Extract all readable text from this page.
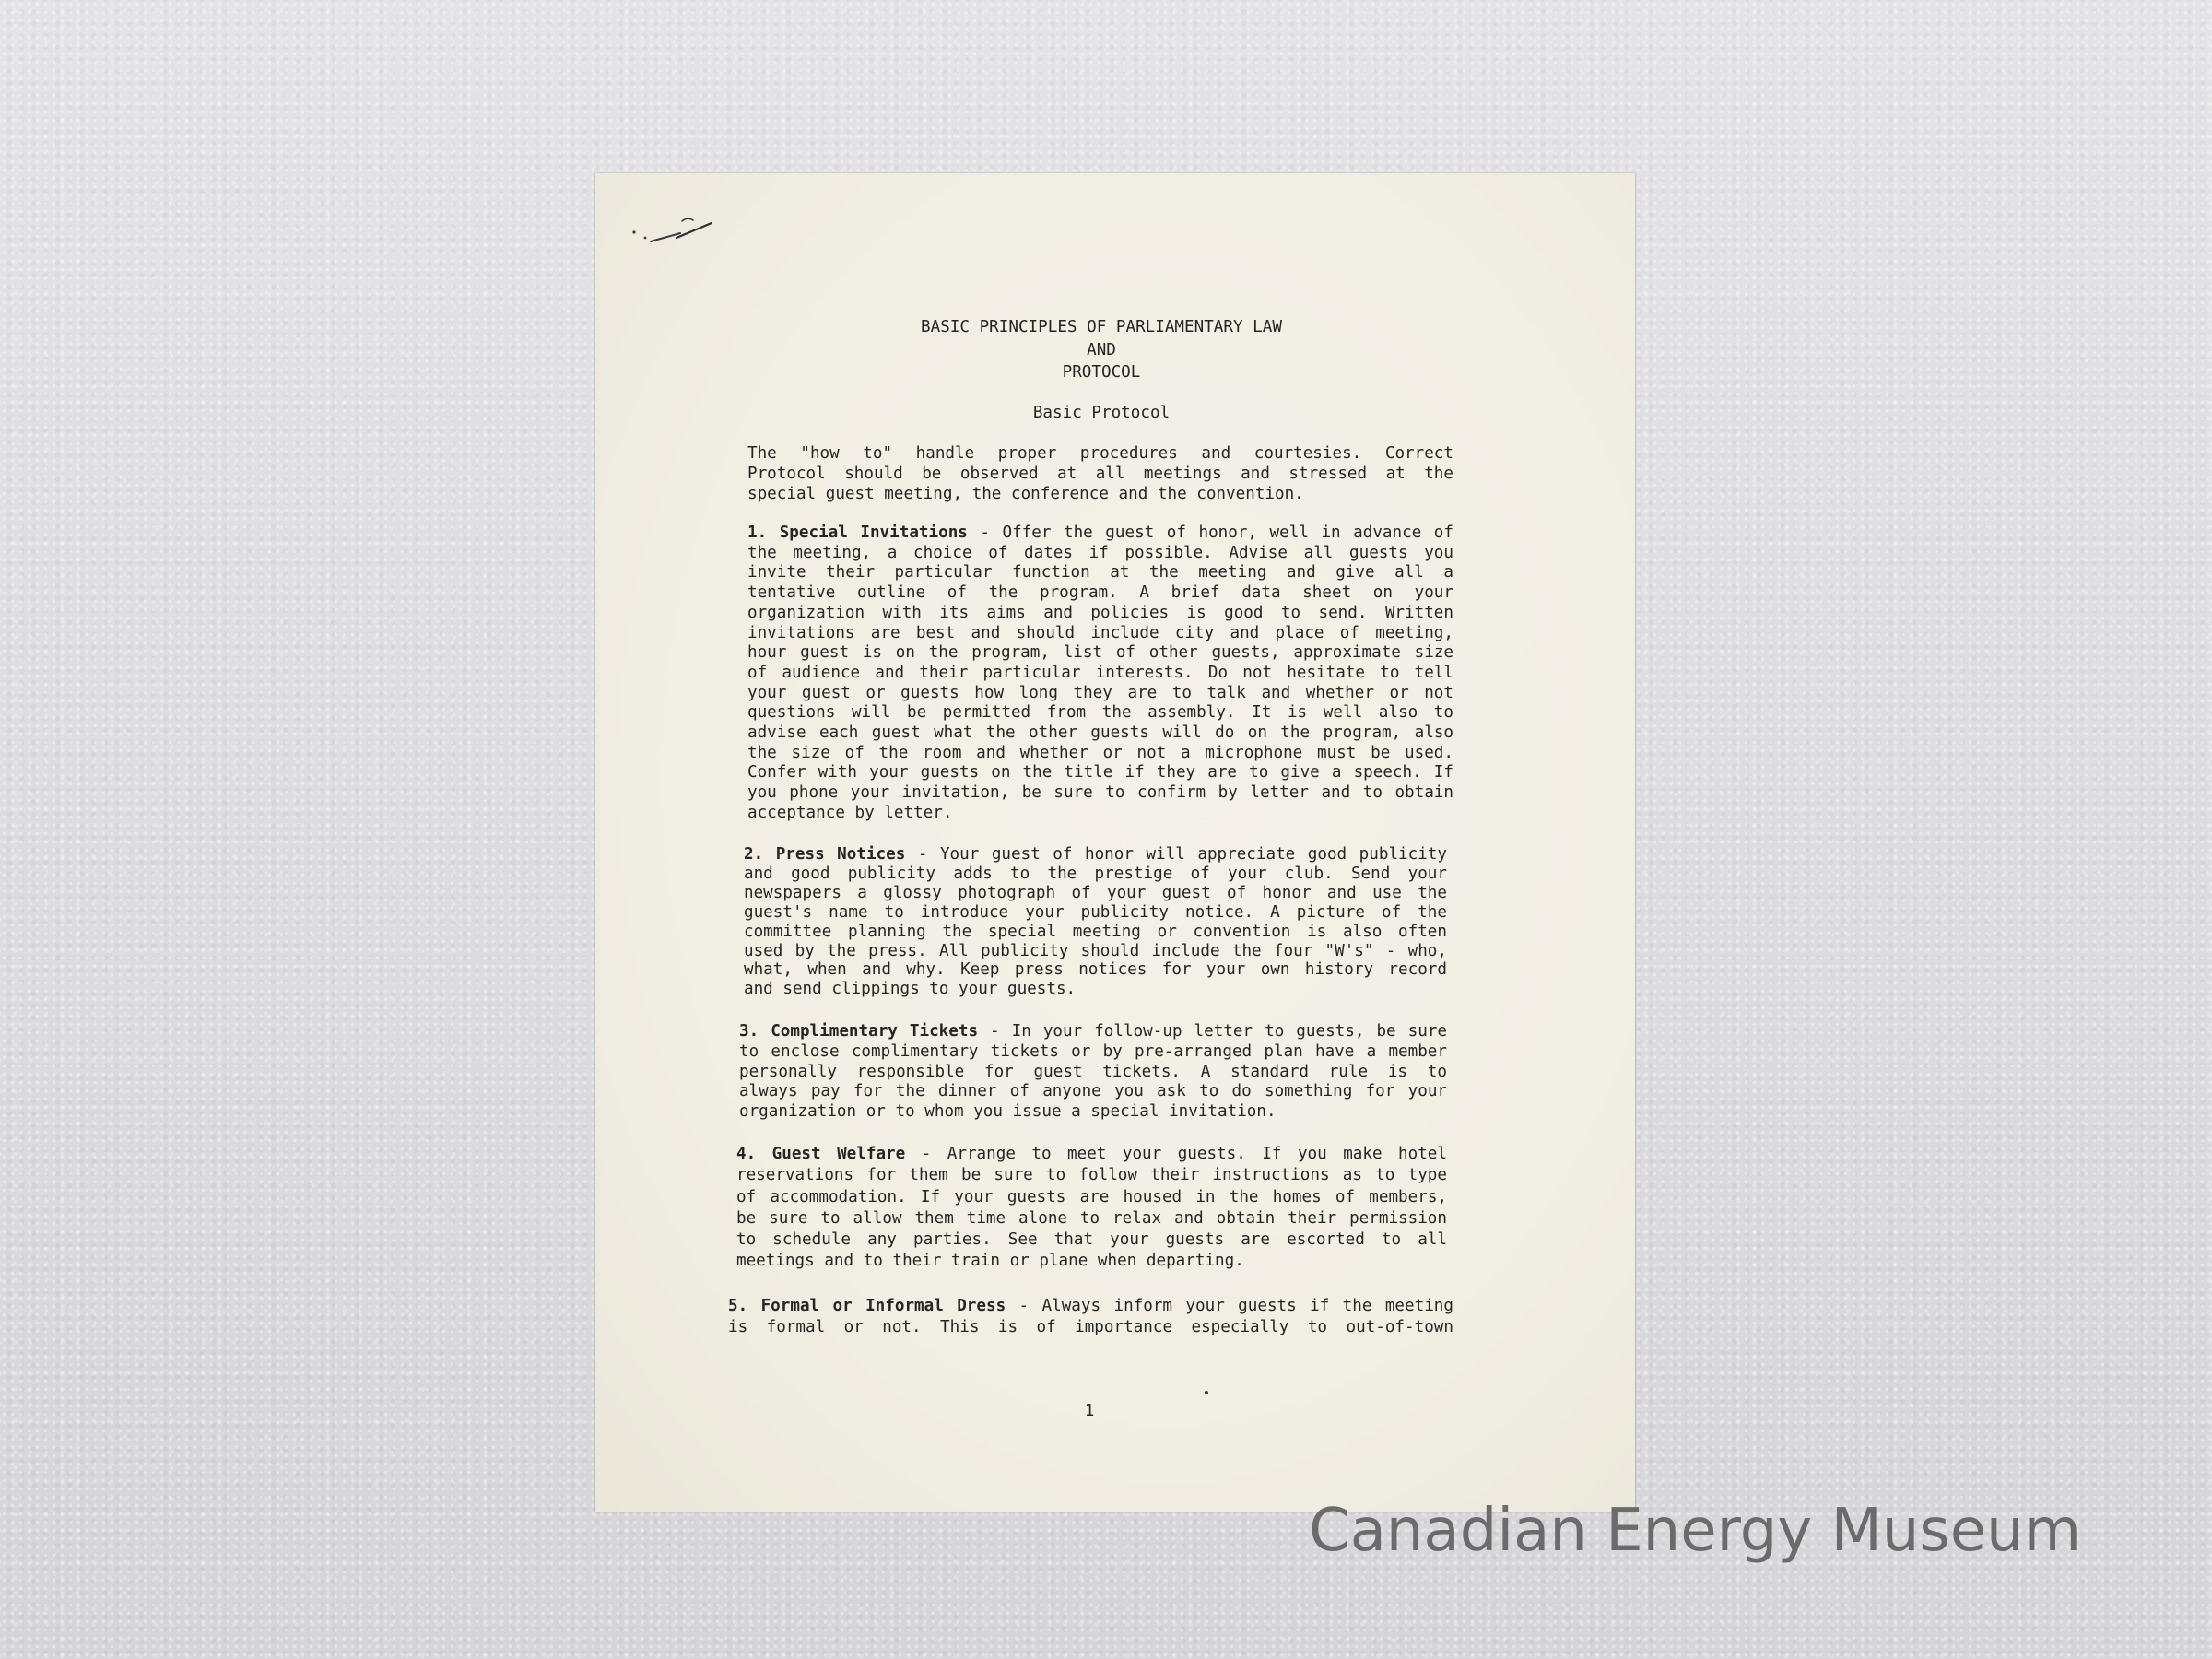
BASIC PRINCIPLES OF PARLIAMENTARY LAW
AND
PROTOCOL
Basic Protocol
The "how to" handle proper procedures and courtesies. Correct
Protocol should be observed at all meetings and stressed at the
special guest meeting, the conference and the convention.
1. Special Invitations - Offer the guest of honor, well in advance of
the meeting, a choice of dates if possible. Advise all guests you
invite their particular function at the meeting and give all a
tentative outline of the program. A brief data sheet on your
organization with its aims and policies is good to send. Written
invitations are best and should include city and place of meeting,
hour guest is on the program, list of other guests, approximate size
of audience and their particular interests. Do not hesitate to tell
your guest or guests how long they are to talk and whether or not
questions will be permitted from the assembly. It is well also to
advise each guest what the other guests will do on the program, also
the size of the room and whether or not a microphone must be used.
Confer with your guests on the title if they are to give a speech. If
you phone your invitation, be sure to confirm by letter and to obtain
acceptance by letter.
2. Press Notices - Your guest of honor will appreciate good publicity
and good publicity adds to the prestige of your club. Send your
newspapers a glossy photograph of your guest of honor and use the
guest's name to introduce your publicity notice. A picture of the
committee planning the special meeting or convention is also often
used by the press. All publicity should include the four "W's" - who,
what, when and why. Keep press notices for your own history record
and send clippings to your guests.
3. Complimentary Tickets - In your follow-up letter to guests, be sure
to enclose complimentary tickets or by pre-arranged plan have a member
personally responsible for guest tickets. A standard rule is to
always pay for the dinner of anyone you ask to do something for your
organization or to whom you issue a special invitation.
4. Guest Welfare - Arrange to meet your guests. If you make hotel
reservations for them be sure to follow their instructions as to type
of accommodation. If your guests are housed in the homes of members,
be sure to allow them time alone to relax and obtain their permission
to schedule any parties. See that your guests are escorted to all
meetings and to their train or plane when departing.
5. Formal or Informal Dress - Always inform your guests if the meeting
is formal or not. This is of importance especially to out-of-town
1
Canadian Energy Museum
